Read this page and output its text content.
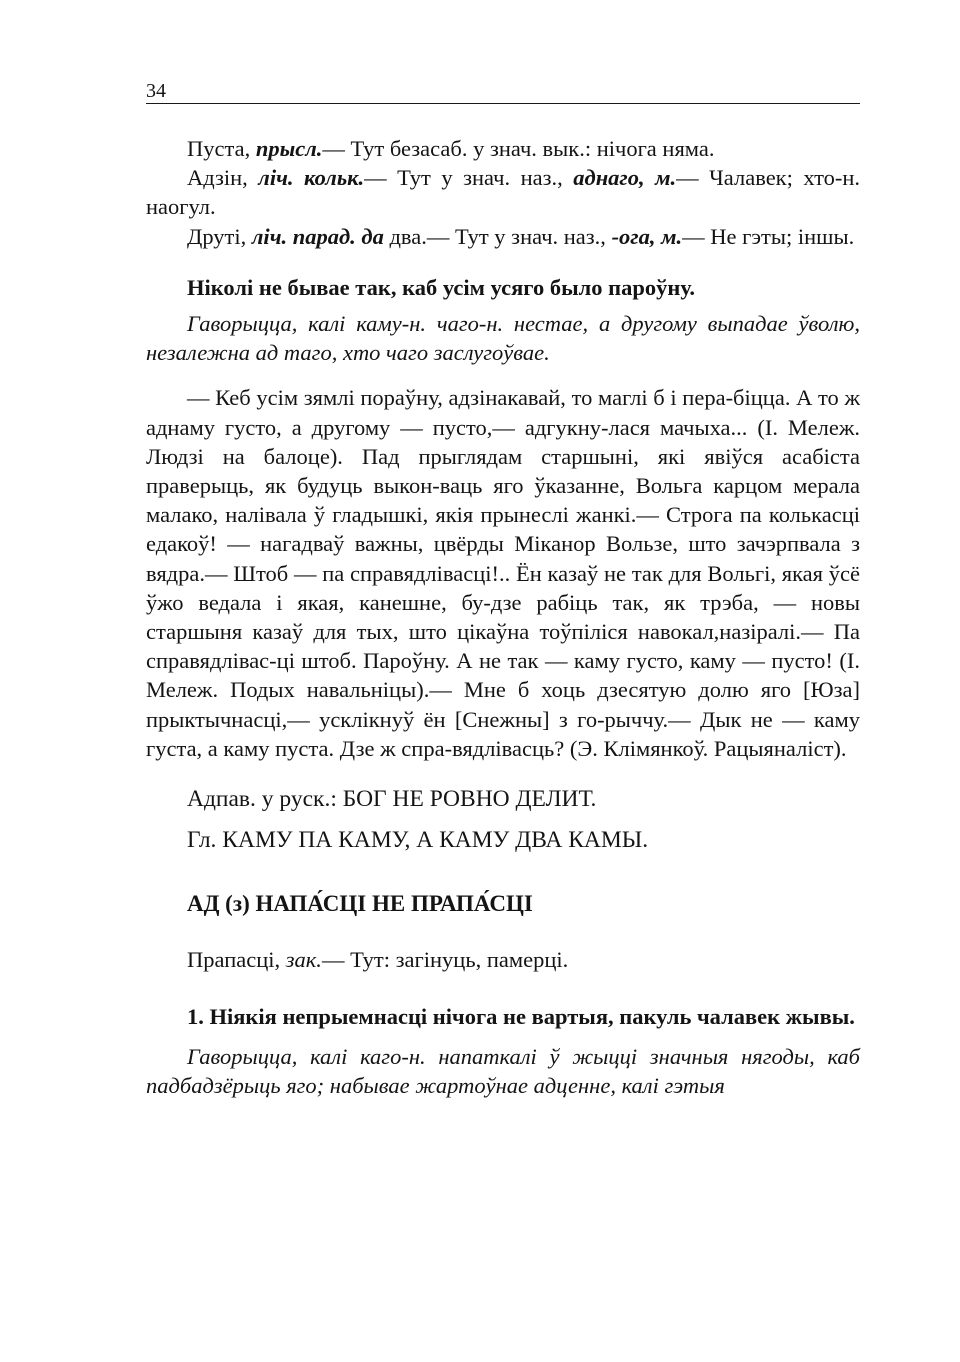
34

Пуста, прысл.— Тут безасаб. у знач. вык.: нічога няма.

Адзін, ліч. кольк.— Тут у знач. наз., аднаго, м.— Чалавек; хто-н. наогул.

Друті, ліч. парад. да два.— Тут у знач. наз., -ога, м.— Не гэты; іншы.

Ніколі не бывае так, каб усім усяго было пароўну.

Гаворыцца, калі каму-н. чаго-н. нестае, а другому выпадае ўволю, незалежна ад таго, хто чаго заслугоўвае.

— Кеб усім зямлі пораўну, адзінакавай, то маглі б і пера-біцца. А то ж аднаму густо, а другому — пусто,— адгукну-лася мачыха... (І. Мележ. Людзі на балоце). Пад прыглядам старшыні, які явіўся асабіста праверыць, як будуць выкон-ваць яго ўказанне, Вольга карцом мерала малако, налівала ў гладышкі, якія прынеслі жанкі.— Строга па колькасці едакоў! — нагадваў важны, цвёрды Міканор Вользе, што зачэрпвала з вядра.— Штоб — па справядлівасці!.. Ён казаў не так для Вольгі, якая ўсё ўжо ведала і якая, канешне, бу-дзе рабіць так, як трэба, — новы старшыня казаў для тых, што цікаўна тоўпіліся навокал,назіралі.— Па справядлівас-ці штоб. Пароўну. А не так — каму густо, каму — пусто! (І. Мележ. Подых навальніцы).— Мне б хоць дзесятую долю яго [Юза] прыктычнасці,— усклікнуў ён [Снежны] з го-рыччу.— Дык не — каму густа, а каму пуста. Дзе ж спра-вядлівасць? (Э. Клімянкоў. Рацыяналіст).

Адпав. у руск.: БОГ НЕ РОВНО ДЕЛИТ.

Гл. КАМУ ПА КАМУ, А КАМУ ДВА КАМЫ.

АД (з) НАПА́СЦІ НЕ ПРАПА́СЦІ

Прапасці, зак.— Тут: загінуць, памерці.

1. Ніякія непрыемнасці нічога не вартыя, пакуль чалавек жывы.

Гаворыцца, калі каго-н. напаткалі ў жыцці значныя нягоды, каб падбадзёрыць яго; набывае жартоўнае адценне, калі гэтыя
